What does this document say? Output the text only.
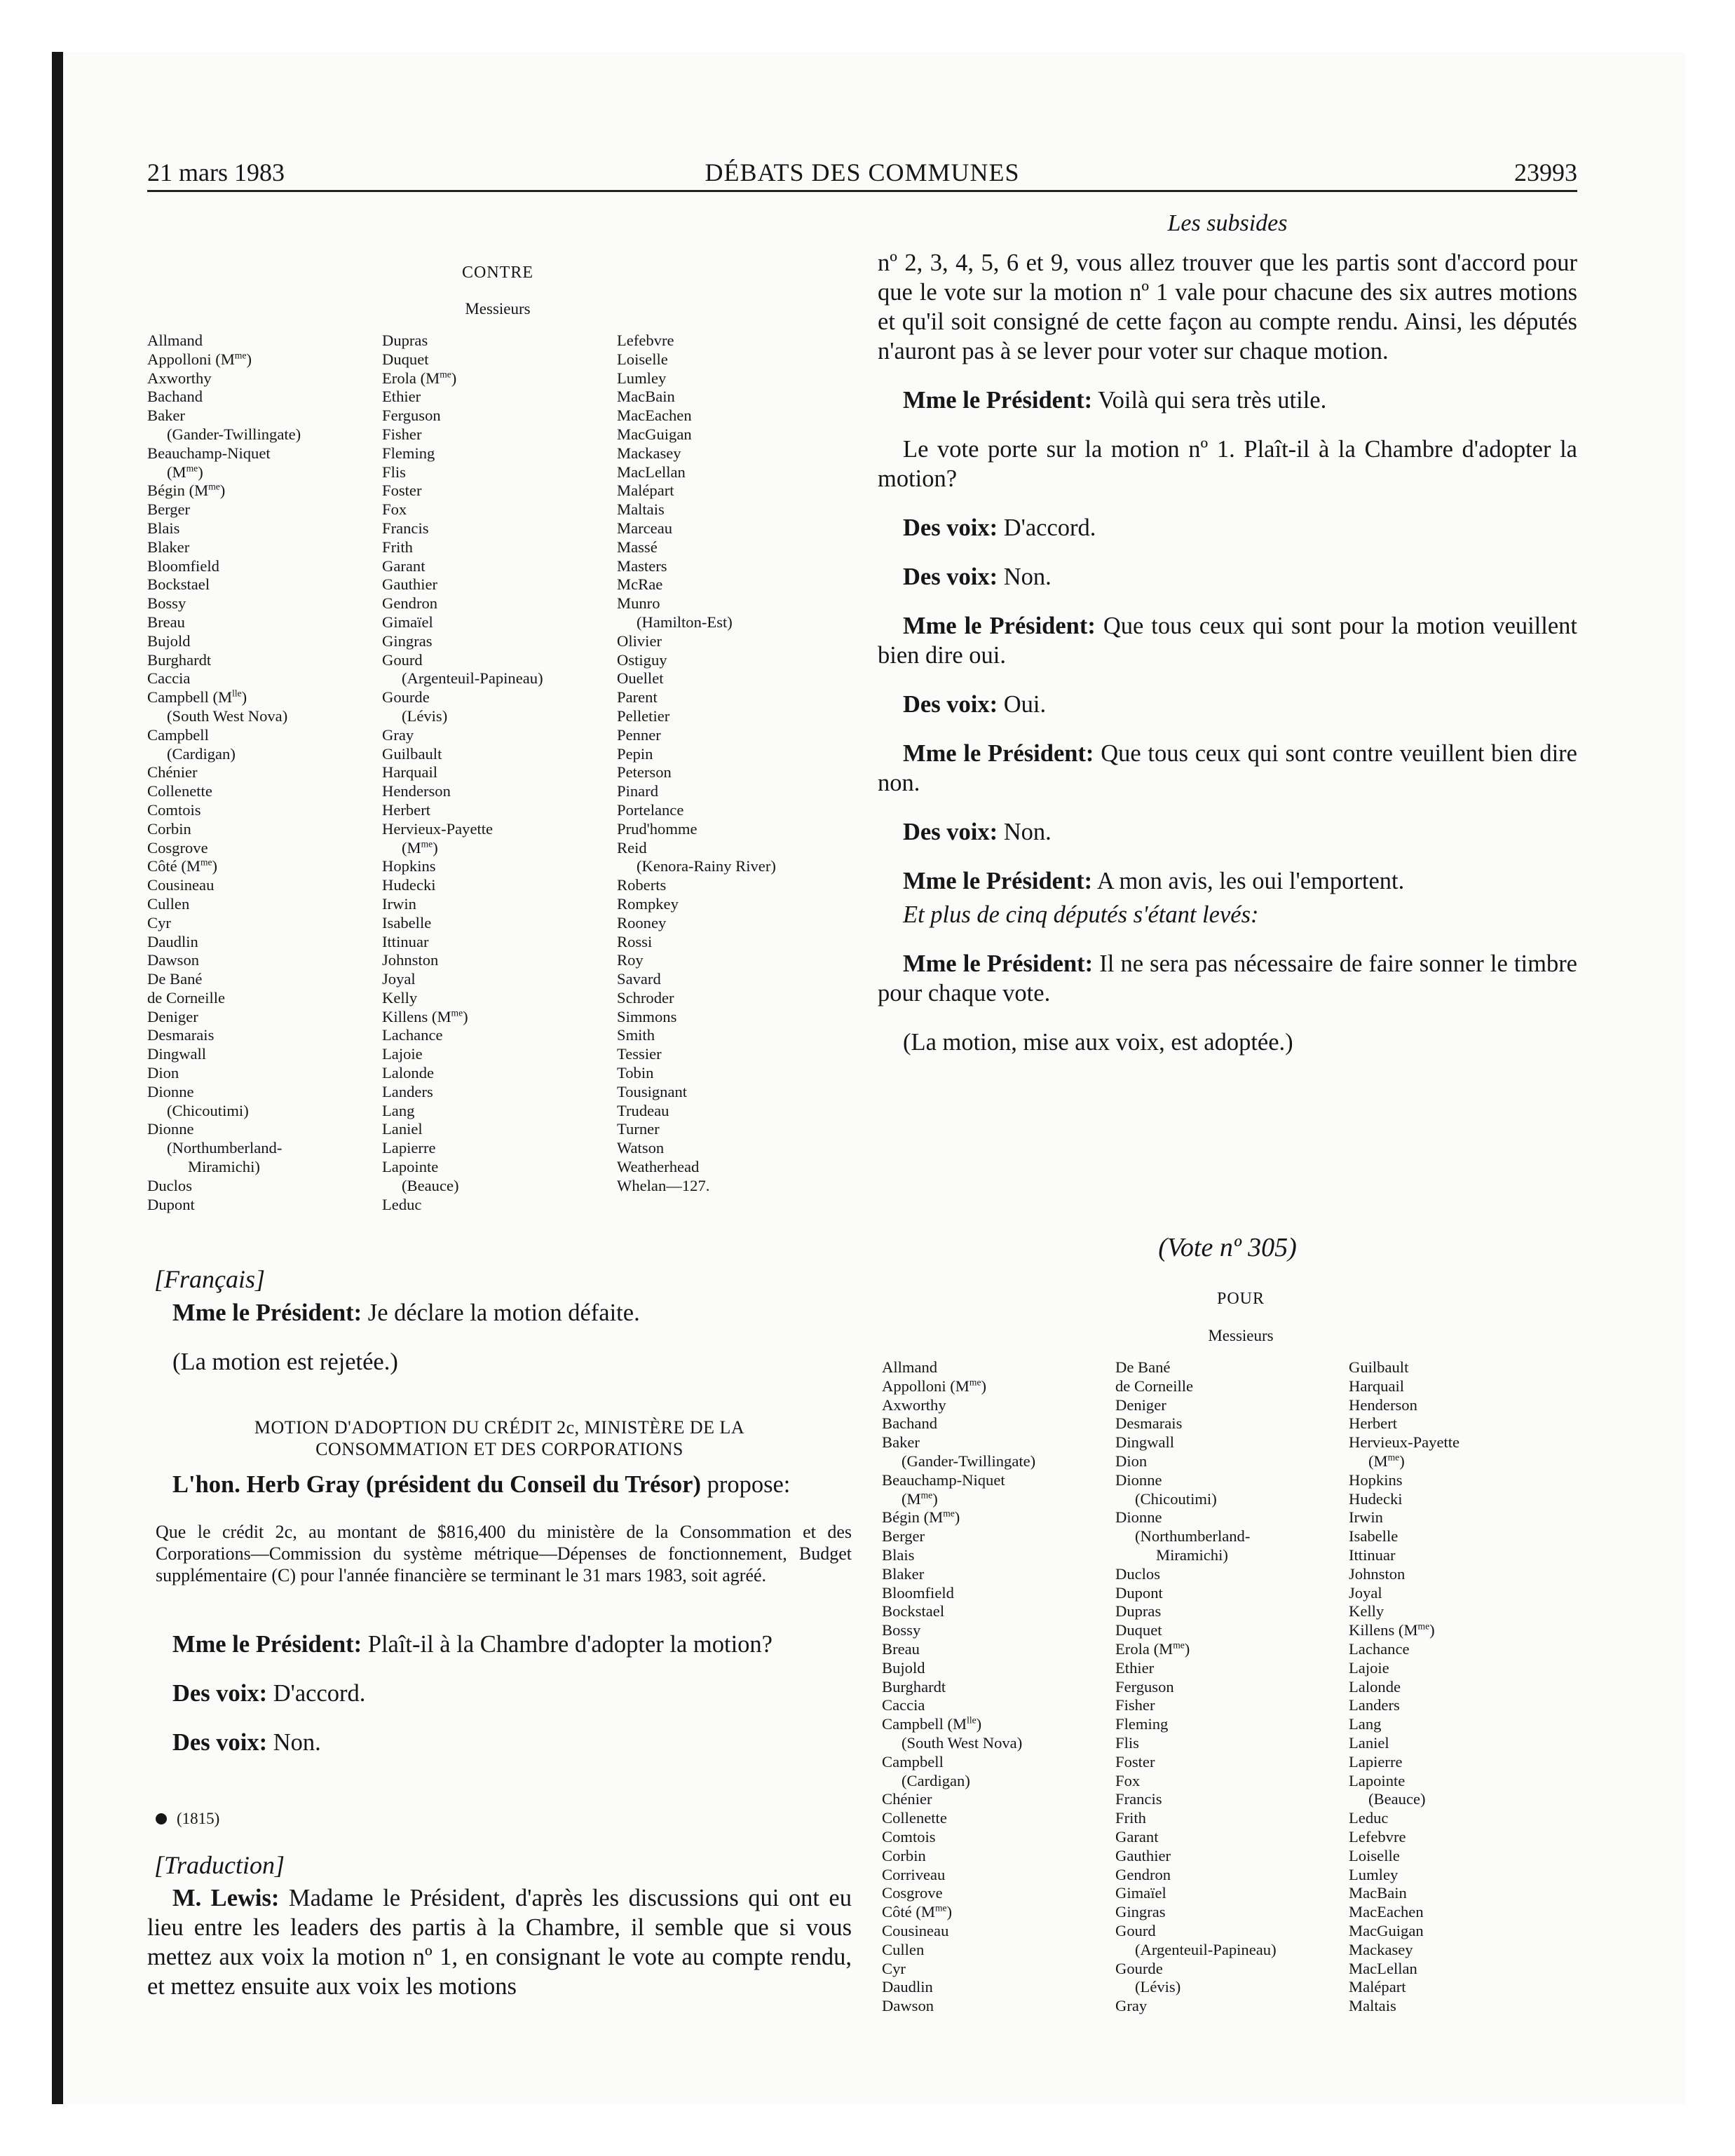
21 mars 1983	DÉBATS DES COMMUNES	23993
CONTRE
Messieurs
Allmand
Appolloni $(M^{me})$
Axworthy
Bachand
Baker
(Gander-Twillingate)
Beauchamp-Niquet
$(M^{me})$
Bégin $(M^{me})$
Berger
Blais
Blaker
Bloomfield
Bockstael
Bossy
Breau
Bujold
Burghardt
Caccia
Campbell $(M^{lle})$
(South West Nova)
Campbell
(Cardigan)
Chénier
Collenette
Comtois
Corbin
Cosgrove
Côté $(M^{me})$
Cousineau
Cullen
Cyr
Daudlin
Dawson
De Bané
de Corneille
Deniger
Desmarais
Dingwall
Dion
Dionne
(Chicoutimi)
Dionne
(Northumberland-
Miramichi)
Duclos
Dupont
Dupras
Duquet
Erola $(M^{me})$
Ethier
Ferguson
Fisher
Fleming
Flis
Foster
Fox
Francis
Frith
Garant
Gauthier
Gendron
Gimaïel
Gingras
Gourd
(Argenteuil-Papineau)
Gourde
(Lévis)
Gray
Guilbault
Harquail
Henderson
Herbert
Hervieux-Payette
$(M^{me})$
Hopkins
Hudecki
Irwin
Isabelle
Ittinuar
Johnston
Joyal
Kelly
Killens $(M^{me})$
Lachance
Lajoie
Lalonde
Landers
Lang
Laniel
Lapierre
Lapointe
(Beauce)
Leduc
Lefebvre
Loiselle
Lumley
MacBain
MacEachen
MacGuigan
Mackasey
MacLellan
Malépart
Maltais
Marceau
Massé
Masters
McRae
Munro
(Hamilton-Est)
Olivier
Ostiguy
Ouellet
Parent
Pelletier
Penner
Pepin
Peterson
Pinard
Portelance
Prud'homme
Reid
(Kenora-Rainy River)
Roberts
Rompkey
Rooney
Rossi
Roy
Savard
Schroder
Simmons
Smith
Tessier
Tobin
Tousignant
Trudeau
Turner
Watson
Weatherhead
Whelan—127.
[Français]

Mme le Président: Je déclare la motion défaite.

(La motion est rejetée.)

MOTION D'ADOPTION DU CRÉDIT 2c, MINISTÈRE DE LA
CONSOMMATION ET DES CORPORATIONS

L'hon. Herb Gray (président du Conseil du Trésor) propose:

Que le crédit 2c, au montant de $816,400 du ministère de la Consommation et des Corporations—Commission du système métrique—Dépenses de fonctionnement, Budget supplémentaire (C) pour l'année financière se terminant le 31 mars 1983, soit agréé.

Mme le Président: Plaît-il à la Chambre d'adopter la motion?

Des voix: D'accord.

Des voix: Non.

(1815)
[Traduction]

M. Lewis: Madame le Président, d'après les discussions qui ont eu lieu entre les leaders des partis à la Chambre, il semble que si vous mettez aux voix la motion nº 1, en consignant le vote au compte rendu, et mettez ensuite aux voix les motions

Les subsides

nº 2, 3, 4, 5, 6 et 9, vous allez trouver que les partis sont d'accord pour que le vote sur la motion nº 1 vale pour chacune des six autres motions et qu'il soit consigné de cette façon au compte rendu. Ainsi, les députés n'auront pas à se lever pour voter sur chaque motion.

Mme le Président: Voilà qui sera très utile.

Le vote porte sur la motion nº 1. Plaît-il à la Chambre d'adopter la motion?

Des voix: D'accord.

Des voix: Non.

Mme le Président: Que tous ceux qui sont pour la motion veuillent bien dire oui.

Des voix: Oui.

Mme le Président: Que tous ceux qui sont contre veuillent bien dire non.

Des voix: Non.

Mme le Président: A mon avis, les oui l'emportent.

Et plus de cinq députés s'étant levés:

Mme le Président: Il ne sera pas nécessaire de faire sonner le timbre pour chaque vote.

(La motion, mise aux voix, est adoptée.)

(Vote nº 305)
POUR
Messieurs
Allmand
Appolloni $(M^{me})$
Axworthy
Bachand
Baker
(Gander-Twillingate)
Beauchamp-Niquet
$(M^{me})$
Bégin $(M^{me})$
Berger
Blais
Blaker
Bloomfield
Bockstael
Bossy
Breau
Bujold
Burghardt
Caccia
Campbell $(M^{lle})$
(South West Nova)
Campbell
(Cardigan)
Chénier
Collenette
Comtois
Corbin
Corriveau
Cosgrove
Côté $(M^{me})$
Cousineau
Cullen
Cyr
Daudlin
Dawson
De Bané
de Corneille
Deniger
Desmarais
Dingwall
Dion
Dionne
(Chicoutimi)
Dionne
(Northumberland-
Miramichi)
Duclos
Dupont
Dupras
Duquet
Erola $(M^{me})$
Ethier
Ferguson
Fisher
Fleming
Flis
Foster
Fox
Francis
Frith
Garant
Gauthier
Gendron
Gimaïel
Gingras
Gourd
(Argenteuil-Papineau)
Gourde
(Lévis)
Gray
Guilbault
Harquail
Henderson
Herbert
Hervieux-Payette
$(M^{me})$
Hopkins
Hudecki
Irwin
Isabelle
Ittinuar
Johnston
Joyal
Kelly
Killens $(M^{me})$
Lachance
Lajoie
Lalonde
Landers
Lang
Laniel
Lapierre
Lapointe
(Beauce)
Leduc
Lefebvre
Loiselle
Lumley
MacBain
MacEachen
MacGuigan
Mackasey
MacLellan
Malépart
Maltais
